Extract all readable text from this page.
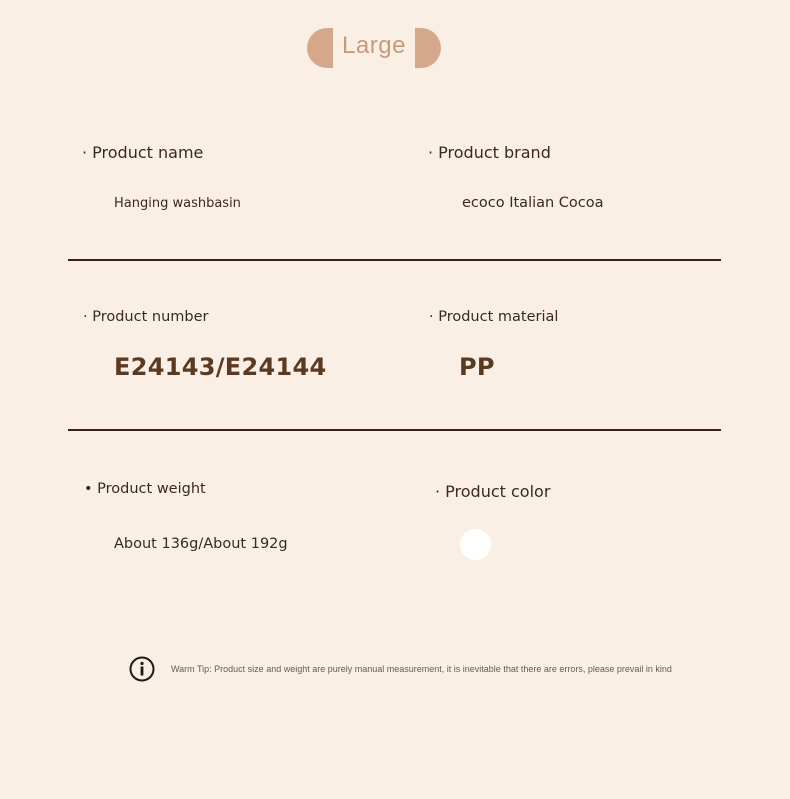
Large
· Product name
Hanging washbasin
· Product brand
ecoco Italian Cocoa
· Product number
E24143/E24144
· Product material
PP
• Product weight
About 136g/About 192g
· Product color
Warm Tip: Product size and weight are purely manual measurement, it is inevitable that there are errors, please prevail in kind
